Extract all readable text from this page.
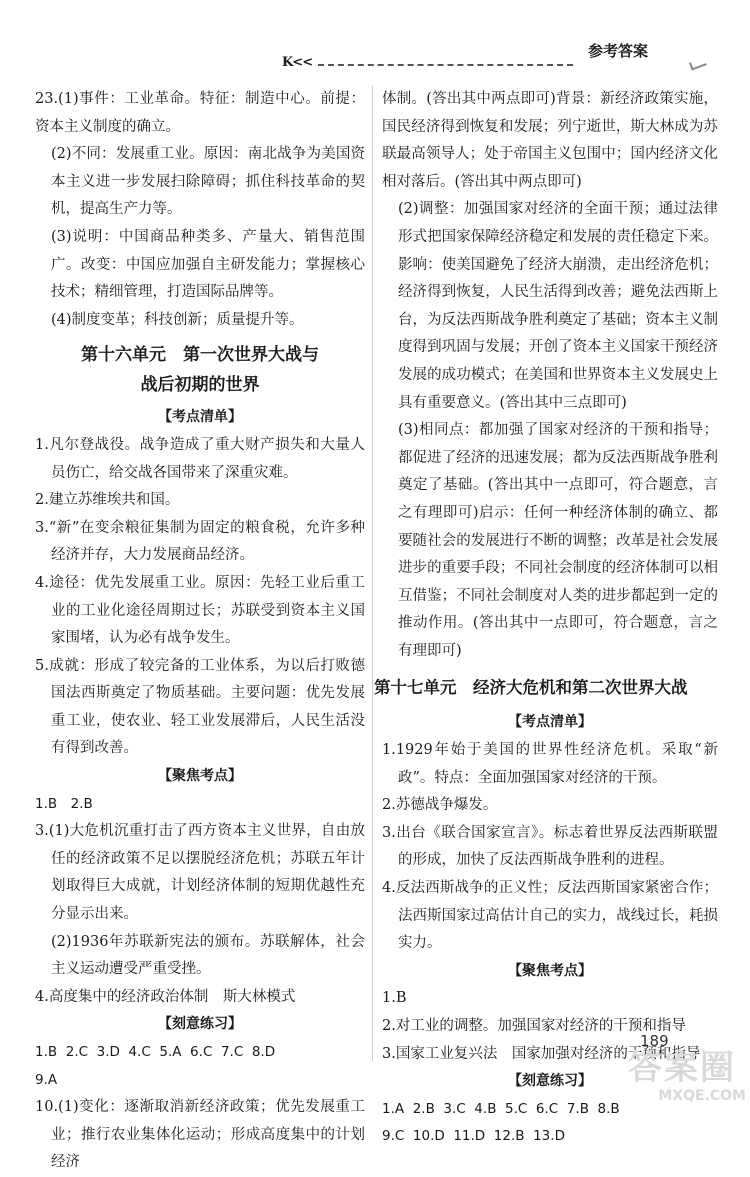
K<<
参考答案

23.(1)事件：工业革命。特征：制造中心。前提：资本主义制度的确立。

(2)不同：发展重工业。原因：南北战争为美国资本主义进一步发展扫除障碍；抓住科技革命的契机，提高生产力等。

(3)说明：中国商品种类多、产量大、销售范围广。改变：中国应加强自主研发能力；掌握核心技术；精细管理，打造国际品牌等。

(4)制度变革；科技创新；质量提升等。

第十六单元　第一次世界大战与
战后初期的世界
【考点清单】

1.凡尔登战役。战争造成了重大财产损失和大量人员伤亡，给交战各国带来了深重灾难。

2.建立苏维埃共和国。

3.“新”在变余粮征集制为固定的粮食税，允许多种经济并存，大力发展商品经济。

4.途径：优先发展重工业。原因：先轻工业后重工业的工业化途径周期过长；苏联受到资本主义国家围堵，认为必有战争发生。

5.成就：形成了较完备的工业体系，为以后打败德国法西斯奠定了物质基础。主要问题：优先发展重工业，使农业、轻工业发展滞后，人民生活没有得到改善。

【聚焦考点】

1.B　2.B

3.(1)大危机沉重打击了西方资本主义世界，自由放任的经济政策不足以摆脱经济危机；苏联五年计划取得巨大成就，计划经济体制的短期优越性充分显示出来。

(2)1936年苏联新宪法的颁布。苏联解体，社会主义运动遭受严重受挫。

4.高度集中的经济政治体制　斯大林模式

【刻意练习】

1.B  2.C  3.D  4.C  5.A  6.C  7.C  8.D

9.A

10.(1)变化：逐渐取消新经济政策；优先发展重工业；推行农业集体化运动；形成高度集中的计划经济

体制。(答出其中两点即可)背景：新经济政策实施，国民经济得到恢复和发展；列宁逝世，斯大林成为苏联最高领导人；处于帝国主义包围中；国内经济文化相对落后。(答出其中两点即可)

(2)调整：加强国家对经济的全面干预；通过法律形式把国家保障经济稳定和发展的责任稳定下来。影响：使美国避免了经济大崩溃，走出经济危机；经济得到恢复，人民生活得到改善；避免法西斯上台，为反法西斯战争胜利奠定了基础；资本主义制度得到巩固与发展；开创了资本主义国家干预经济发展的成功模式；在美国和世界资本主义发展史上具有重要意义。(答出其中三点即可)

(3)相同点：都加强了国家对经济的干预和指导；都促进了经济的迅速发展；都为反法西斯战争胜利奠定了基础。(答出其中一点即可，符合题意，言之有理即可)启示：任何一种经济体制的确立、都要随社会的发展进行不断的调整；改革是社会发展进步的重要手段；不同社会制度的经济体制可以相互借鉴；不同社会制度对人类的进步都起到一定的推动作用。(答出其中一点即可，符合题意，言之有理即可)

第十七单元　经济大危机和第二次世界大战
【考点清单】

1.1929年始于美国的世界性经济危机。采取“新政”。特点：全面加强国家对经济的干预。

2.苏德战争爆发。

3.出台《联合国家宣言》。标志着世界反法西斯联盟的形成，加快了反法西斯战争胜利的进程。

4.反法西斯战争的正义性；反法西斯国家紧密合作；法西斯国家过高估计自己的实力，战线过长，耗损实力。

【聚焦考点】

1.B

2.对工业的调整。加强国家对经济的干预和指导

3.国家工业复兴法　国家加强对经济的干预和指导

【刻意练习】

1.A  2.B  3.C  4.B  5.C  6.C  7.B  8.B

9.C  10.D  11.D  12.B  13.D

189
答案圈
MXQE.COM
